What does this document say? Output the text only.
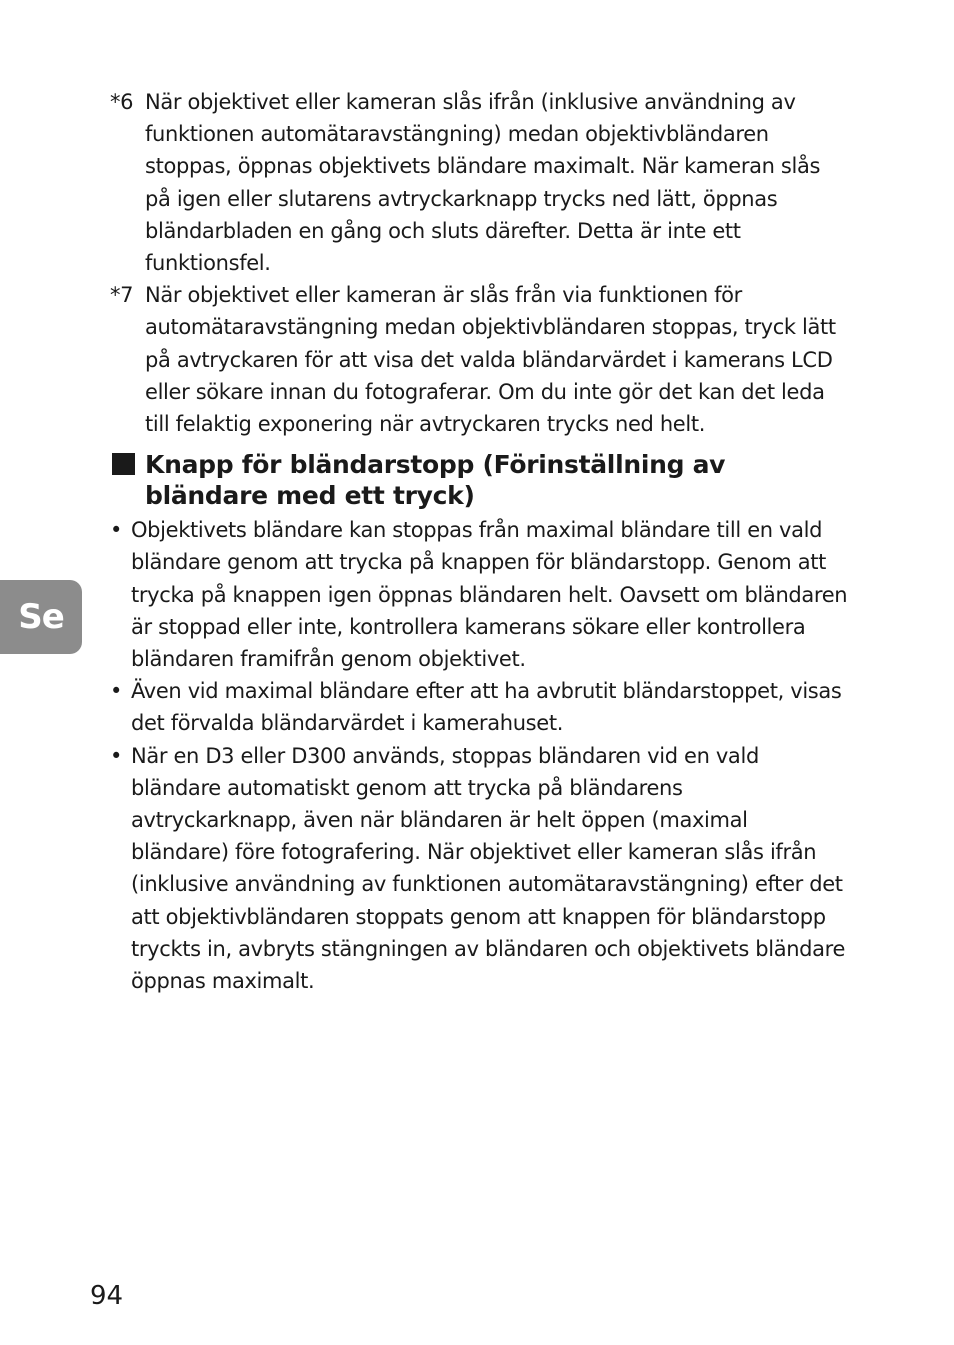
Se
*6 När objektivet eller kameran slås ifrån (inklusive användning av funktionen automätaravstängning) medan objektivbländaren stoppas, öppnas objektivets bländare maximalt. När kameran slås på igen eller slutarens avtryckarknapp trycks ned lätt, öppnas bländarbladen en gång och sluts därefter. Detta är inte ett funktionsfel.
*7 När objektivet eller kameran är slås från via funktionen för automätaravstängning medan objektivbländaren stoppas, tryck lätt på avtryckaren för att visa det valda bländarvärdet i kamerans LCD eller sökare innan du fotograferar. Om du inte gör det kan det leda till felaktig exponering när avtryckaren trycks ned helt.
Knapp för bländarstopp (Förinställning av bländare med ett tryck)
• Objektivets bländare kan stoppas från maximal bländare till en vald bländare genom att trycka på knappen för bländarstopp. Genom att trycka på knappen igen öppnas bländaren helt. Oavsett om bländaren är stoppad eller inte, kontrollera kamerans sökare eller kontrollera bländaren framifrån genom objektivet.
• Även vid maximal bländare efter att ha avbrutit bländarstoppet, visas det förvalda bländarvärdet i kamerahuset.
• När en D3 eller D300 används, stoppas bländaren vid en vald bländare automatiskt genom att trycka på bländarens avtryckarknapp, även när bländaren är helt öppen (maximal bländare) före fotografering. När objektivet eller kameran slås ifrån (inklusive användning av funktionen automätaravstängning) efter det att objektivbländaren stoppats genom att knappen för bländarstopp tryckts in, avbryts stängningen av bländaren och objektivets bländare öppnas maximalt.
94
